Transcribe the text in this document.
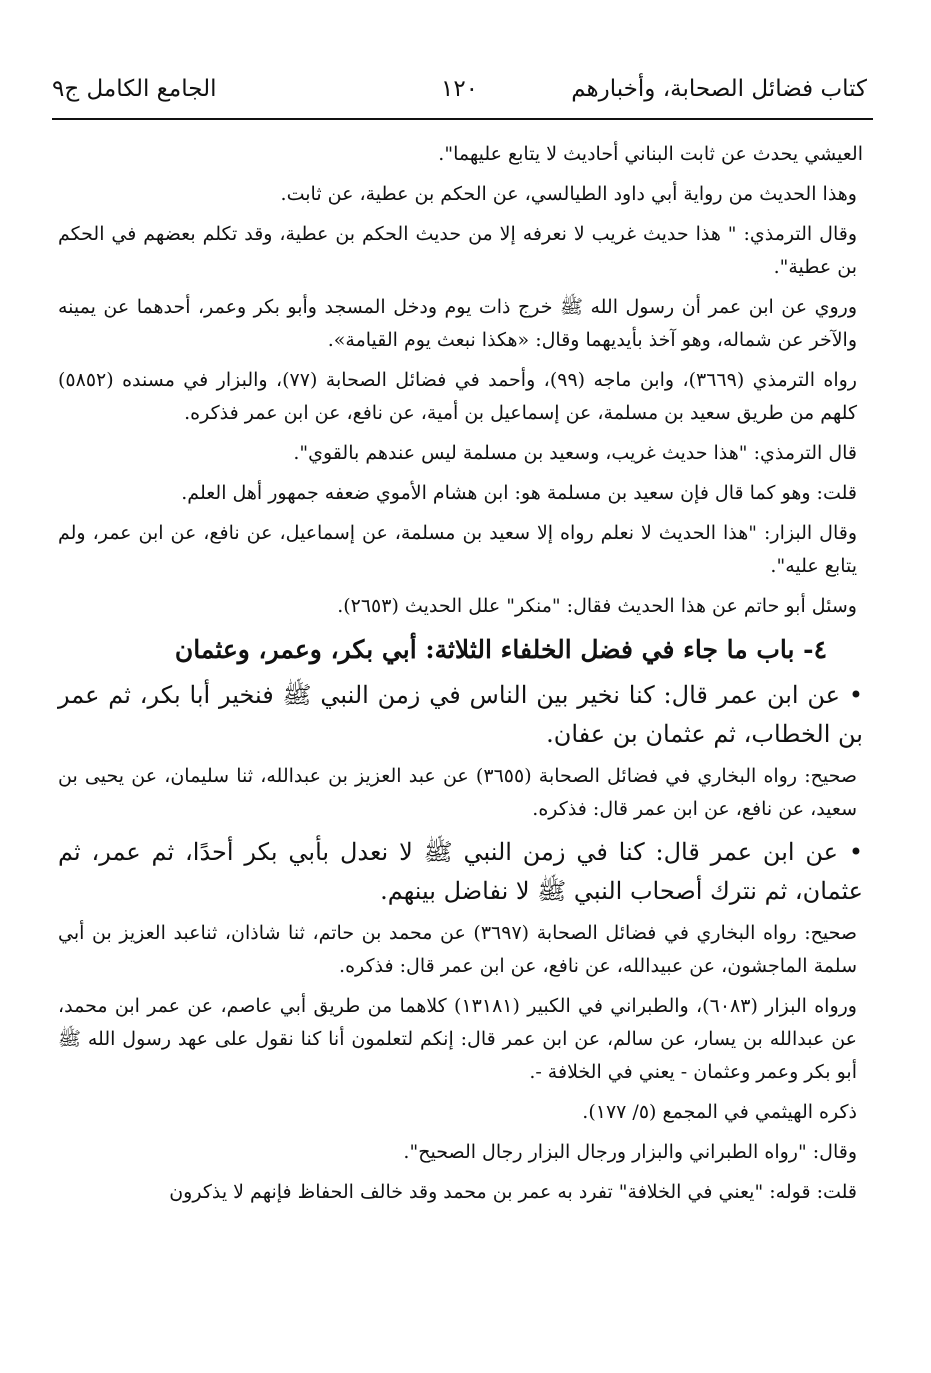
كتاب فضائل الصحابة، وأخبارهم
١٢٠
الجامع الكامل ج٩

العيشي يحدث عن ثابت البناني أحاديث لا يتابع عليهما".

وهذا الحديث من رواية أبي داود الطيالسي، عن الحكم بن عطية، عن ثابت.

وقال الترمذي: " هذا حديث غريب لا نعرفه إلا من حديث الحكم بن عطية، وقد تكلم بعضهم في الحكم بن عطية".

وروي عن ابن عمر أن رسول الله ﷺ خرج ذات يوم ودخل المسجد وأبو بكر وعمر، أحدهما عن يمينه والآخر عن شماله، وهو آخذ بأيديهما وقال: «هكذا نبعث يوم القيامة».

رواه الترمذي (٣٦٦٩)، وابن ماجه (٩٩)، وأحمد في فضائل الصحابة (٧٧)، والبزار في مسنده (٥٨٥٢) كلهم من طريق سعيد بن مسلمة، عن إسماعيل بن أمية، عن نافع، عن ابن عمر فذكره.

قال الترمذي: "هذا حديث غريب، وسعيد بن مسلمة ليس عندهم بالقوي".

قلت: وهو كما قال فإن سعيد بن مسلمة هو: ابن هشام الأموي ضعفه جمهور أهل العلم.

وقال البزار: "هذا الحديث لا نعلم رواه إلا سعيد بن مسلمة، عن إسماعيل، عن نافع، عن ابن عمر، ولم يتابع عليه".

وسئل أبو حاتم عن هذا الحديث فقال: "منكر" علل الحديث (٢٦٥٣).

٤- باب ما جاء في فضل الخلفاء الثلاثة: أبي بكر، وعمر، وعثمان

• عن ابن عمر قال: كنا نخير بين الناس في زمن النبي ﷺ فنخير أبا بكر، ثم عمر بن الخطاب، ثم عثمان بن عفان.

صحيح: رواه البخاري في فضائل الصحابة (٣٦٥٥) عن عبد العزيز بن عبدالله، ثنا سليمان، عن يحيى بن سعيد، عن نافع، عن ابن عمر قال: فذكره.

• عن ابن عمر قال: كنا في زمن النبي ﷺ لا نعدل بأبي بكر أحدًا، ثم عمر، ثم عثمان، ثم نترك أصحاب النبي ﷺ لا نفاضل بينهم.

صحيح: رواه البخاري في فضائل الصحابة (٣٦٩٧) عن محمد بن حاتم، ثنا شاذان، ثناعبد العزيز بن أبي سلمة الماجشون، عن عبيدالله، عن نافع، عن ابن عمر قال: فذكره.

ورواه البزار (٦٠٨٣)، والطبراني في الكبير (١٣١٨١) كلاهما من طريق أبي عاصم، عن عمر ابن محمد، عن عبدالله بن يسار، عن سالم، عن ابن عمر قال: إنكم لتعلمون أنا كنا نقول على عهد رسول الله ﷺ أبو بكر وعمر وعثمان - يعني في الخلافة -.

ذكره الهيثمي في المجمع (٥/ ١٧٧).

وقال: "رواه الطبراني والبزار ورجال البزار رجال الصحيح".

قلت: قوله: "يعني في الخلافة" تفرد به عمر بن محمد وقد خالف الحفاظ فإنهم لا يذكرون
